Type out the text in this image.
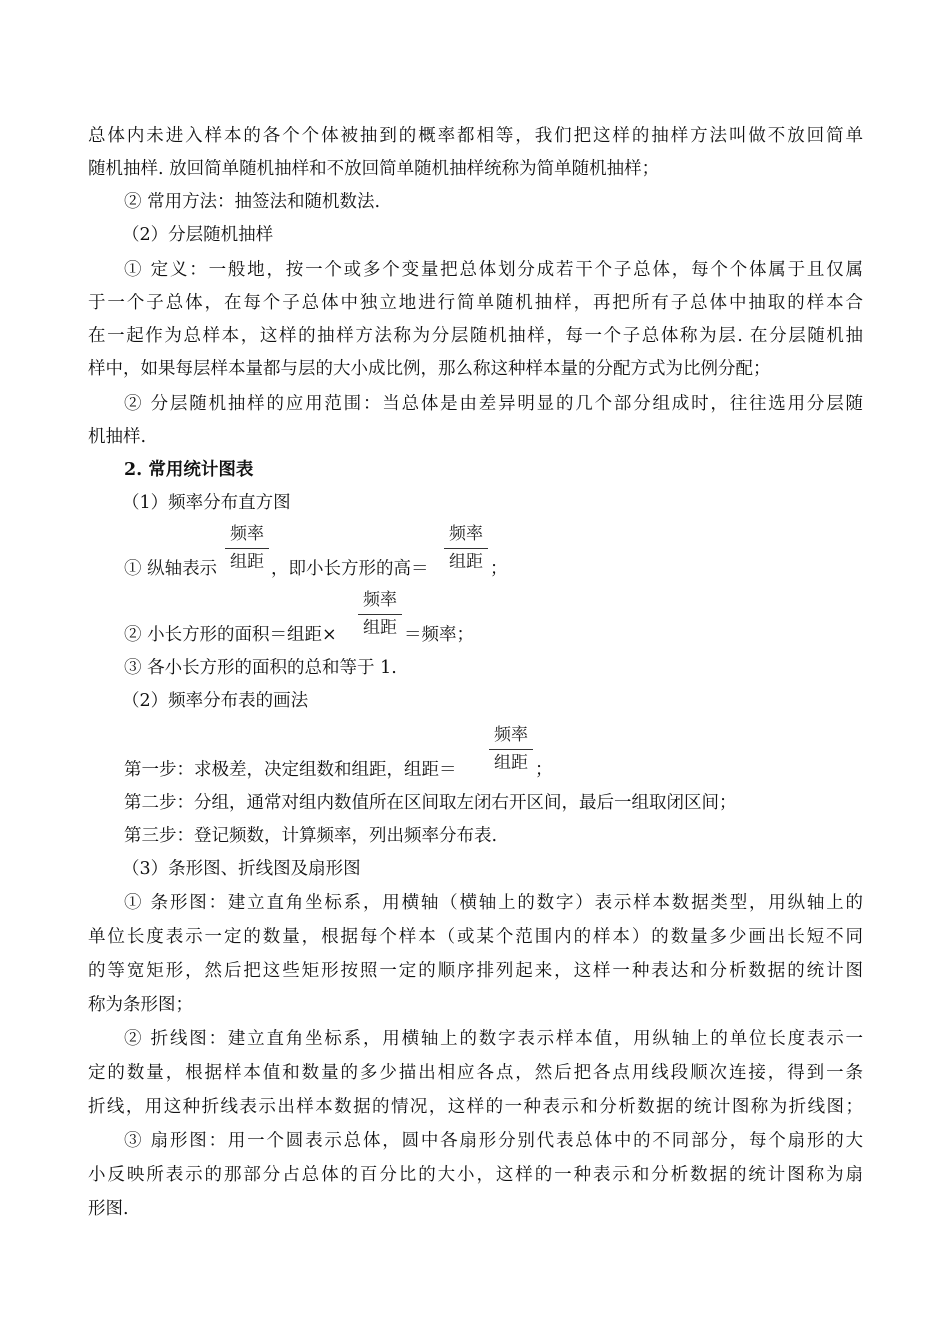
总体内未进入样本的各个个体被抽到的概率都相等，我们把这样的抽样方法叫做不放回简单
随机抽样. 放回简单随机抽样和不放回简单随机抽样统称为简单随机抽样；
② 常用方法：抽签法和随机数法.
（2）分层随机抽样
① 定义：一般地，按一个或多个变量把总体划分成若干个子总体，每个个体属于且仅属
于一个子总体，在每个子总体中独立地进行简单随机抽样，再把所有子总体中抽取的样本合
在一起作为总样本，这样的抽样方法称为分层随机抽样，每一个子总体称为层. 在分层随机抽
样中，如果每层样本量都与层的大小成比例，那么称这种样本量的分配方式为比例分配；
② 分层随机抽样的应用范围：当总体是由差异明显的几个部分组成时，往往选用分层随
机抽样.
2. 常用统计图表
（1）频率分布直方图
① 纵轴表示
频率
组距 ，即小长方形的高＝
频率
组距 ；
② 小长方形的面积＝组距×
频率
组距 ＝频率；
③ 各小长方形的面积的总和等于 1.
（2）频率分布表的画法
第一步：求极差，决定组数和组距，组距＝
频率
组距 ；
第二步：分组，通常对组内数值所在区间取左闭右开区间，最后一组取闭区间；
第三步：登记频数，计算频率，列出频率分布表.
（3）条形图、折线图及扇形图
① 条形图：建立直角坐标系，用横轴（横轴上的数字）表示样本数据类型，用纵轴上的
单位长度表示一定的数量，根据每个样本（或某个范围内的样本）的数量多少画出长短不同
的等宽矩形，然后把这些矩形按照一定的顺序排列起来，这样一种表达和分析数据的统计图
称为条形图；
② 折线图：建立直角坐标系，用横轴上的数字表示样本值，用纵轴上的单位长度表示一
定的数量，根据样本值和数量的多少描出相应各点，然后把各点用线段顺次连接，得到一条
折线，用这种折线表示出样本数据的情况，这样的一种表示和分析数据的统计图称为折线图；
③ 扇形图：用一个圆表示总体，圆中各扇形分别代表总体中的不同部分，每个扇形的大
小反映所表示的那部分占总体的百分比的大小，这样的一种表示和分析数据的统计图称为扇
形图.
